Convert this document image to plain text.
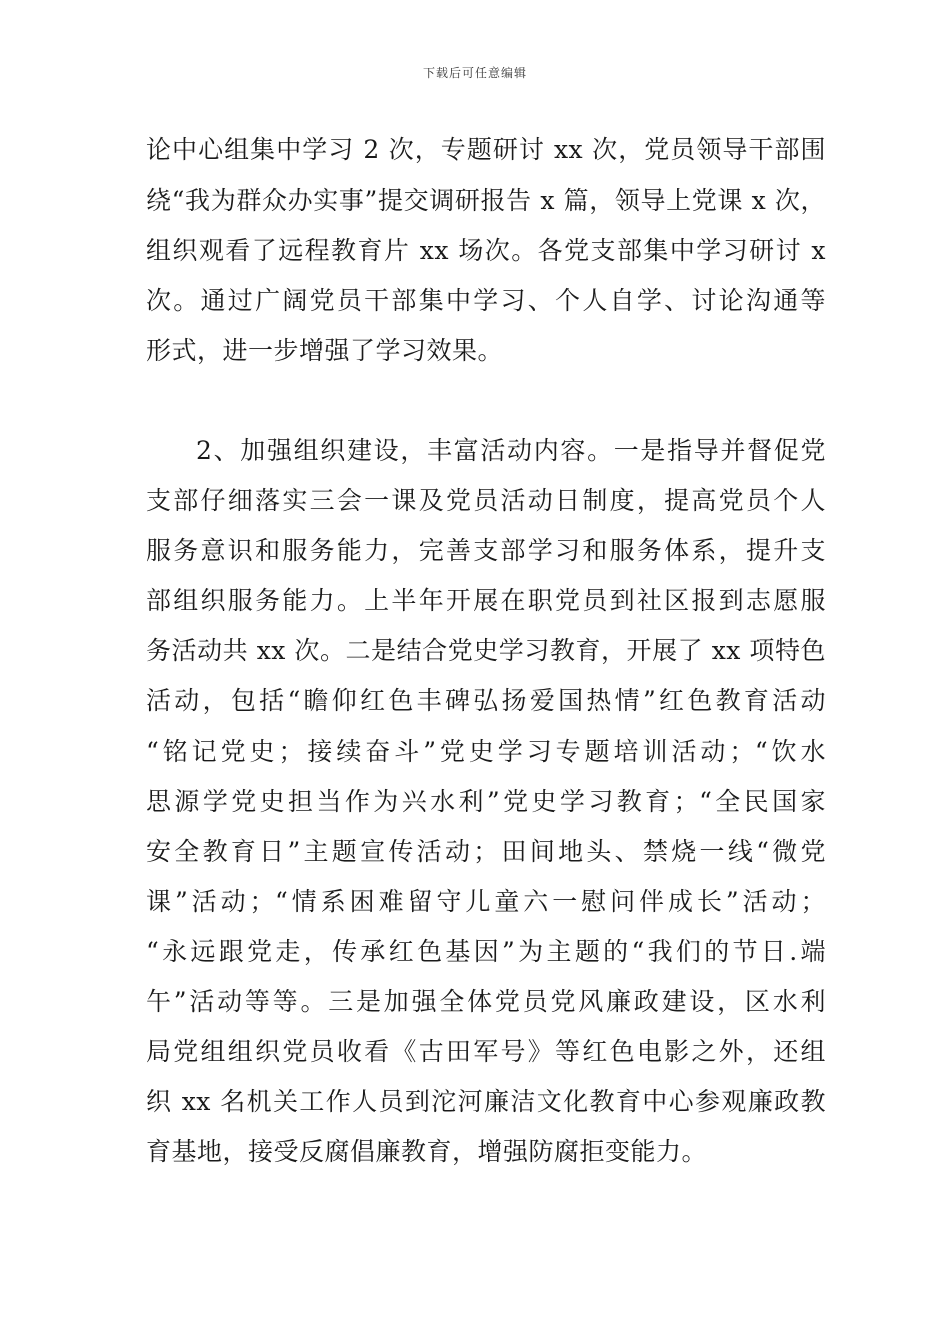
下载后可任意编辑
论中心组集中学习 2 次，专题研讨 xx 次，党员领导干部围
绕“我为群众办实事”提交调研报告 x 篇，领导上党课 x 次，
组织观看了远程教育片 xx 场次。各党支部集中学习研讨 x
次。通过广阔党员干部集中学习、个人自学、讨论沟通等
形式，进一步增强了学习效果。
2、加强组织建设，丰富活动内容。一是指导并督促党
支部仔细落实三会一课及党员活动日制度，提高党员个人
服务意识和服务能力，完善支部学习和服务体系，提升支
部组织服务能力。上半年开展在职党员到社区报到志愿服
务活动共 xx 次。二是结合党史学习教育，开展了 xx 项特色
活动，包括“瞻仰红色丰碑弘扬爱国热情”红色教育活动
“铭记党史；接续奋斗”党史学习专题培训活动；“饮水
思源学党史担当作为兴水利”党史学习教育；“全民国家
安全教育日”主题宣传活动；田间地头、禁烧一线“微党
课”活动；“情系困难留守儿童六一慰问伴成长”活动；
“永远跟党走，传承红色基因”为主题的“我们的节日.端
午”活动等等。三是加强全体党员党风廉政建设，区水利
局党组组织党员收看《古田军号》等红色电影之外，还组
织 xx 名机关工作人员到沱河廉洁文化教育中心参观廉政教
育基地，接受反腐倡廉教育，增强防腐拒变能力。
